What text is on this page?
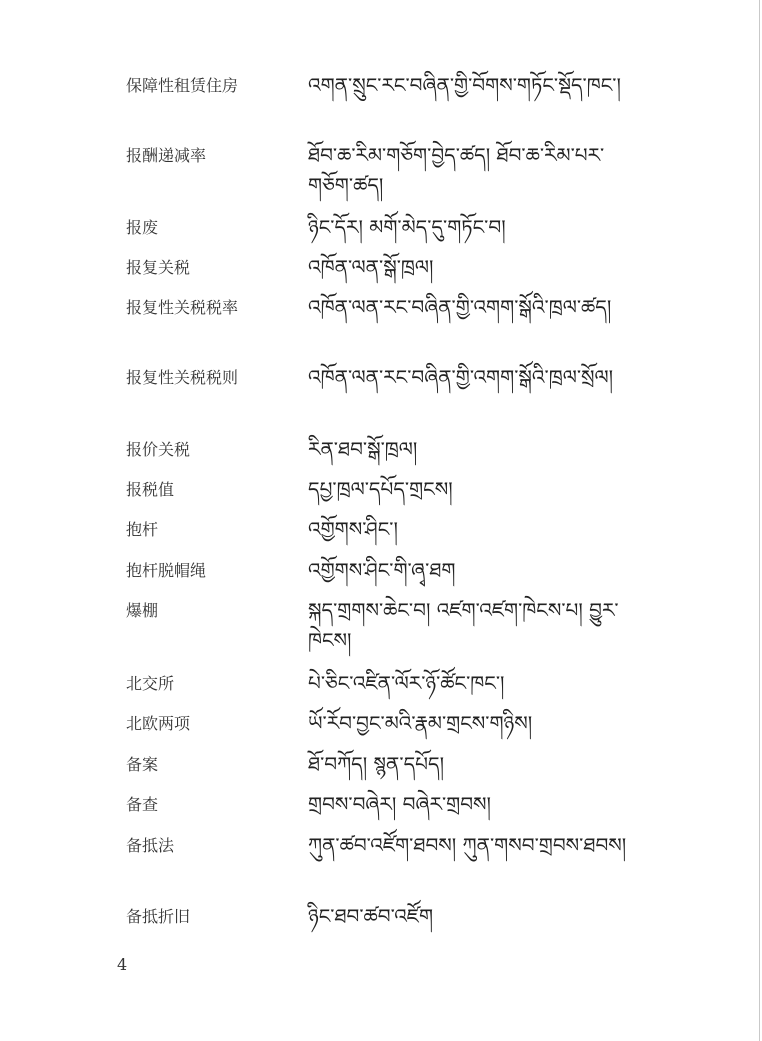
保障性租赁住房	འགན་སྲུང་རང་བཞིན་གྱི་བོགས་གཏོང་སྡོད་ཁང་།
报酬递减率	ཐོབ་ཆ་རིམ་གཅོག་བྱེད་ཚད། ཐོབ་ཆ་རིམ་པར་གཅོག་ཚད།
报废	ཉིང་དོར། མགོ་མེད་དུ་གཏོང་བ།
报复关税	འཁོན་ལན་སྒོ་ཁྲལ།
报复性关税税率	འཁོན་ལན་རང་བཞིན་གྱི་འགག་སྒོའི་ཁྲལ་ཚད།
报复性关税税则	འཁོན་ལན་རང་བཞིན་གྱི་འགག་སྒོའི་ཁྲལ་སྲོལ།
报价关税	རིན་ཐབ་སྒོ་ཁྲལ།
报税值	དཔྱ་ཁྲལ་དཔོད་གྲངས།
抱杆	འགྱོགས་ཤིང་།
抱杆脱帽绳	འགྱོགས་ཤིང་གི་ཞྭ་ཐག
爆棚	སྐད་གྲགས་ཆེང་བ། འཛག་འཛག་ཁེངས་པ། བྱུར་ཁེངས།
北交所	པེ་ཅིང་འཛིན་ལོར་ཉོ་ཚོང་ཁང་།
北欧两项	ཡོ་རོབ་བྱང་མའི་རྣམ་གྲངས་གཉིས།
备案	ཐོ་བཀོད། སྙན་དཔོད།
备查	གྲབས་བཞེར། བཞེར་གྲབས།
备抵法	ཀུན་ཚབ་འཛོག་ཐབས། ཀུན་གསབ་གྲབས་ཐབས།
备抵折旧	ཉིང་ཐབ་ཚབ་འཛོག
4
